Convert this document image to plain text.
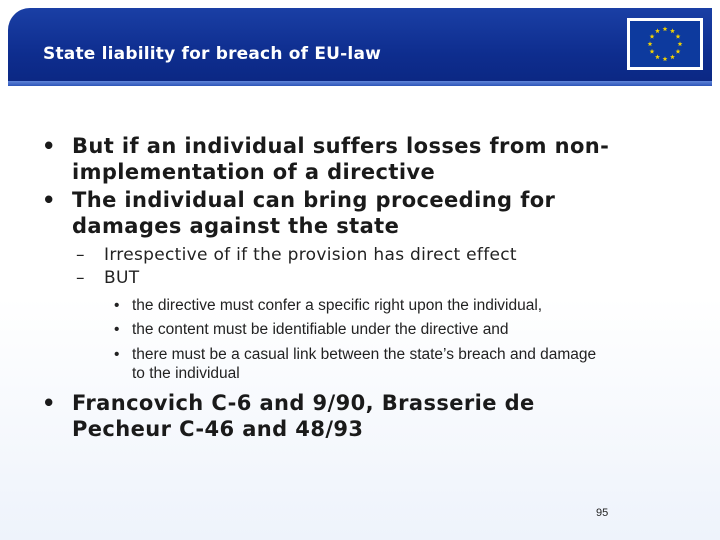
State liability for breach of EU-law
• But if an individual suffers losses from non-
implementation of a directive
• The individual can bring proceeding for
damages against the state
– Irrespective of if the provision has direct effect
– BUT
• the directive must confer a specific right upon the individual,
• the content must be identifiable under the directive and
• there must be a casual link between the state’s breach and damage
to the individual
• Francovich C-6 and 9/90, Brasserie de
Pecheur C-46 and 48/93
95
